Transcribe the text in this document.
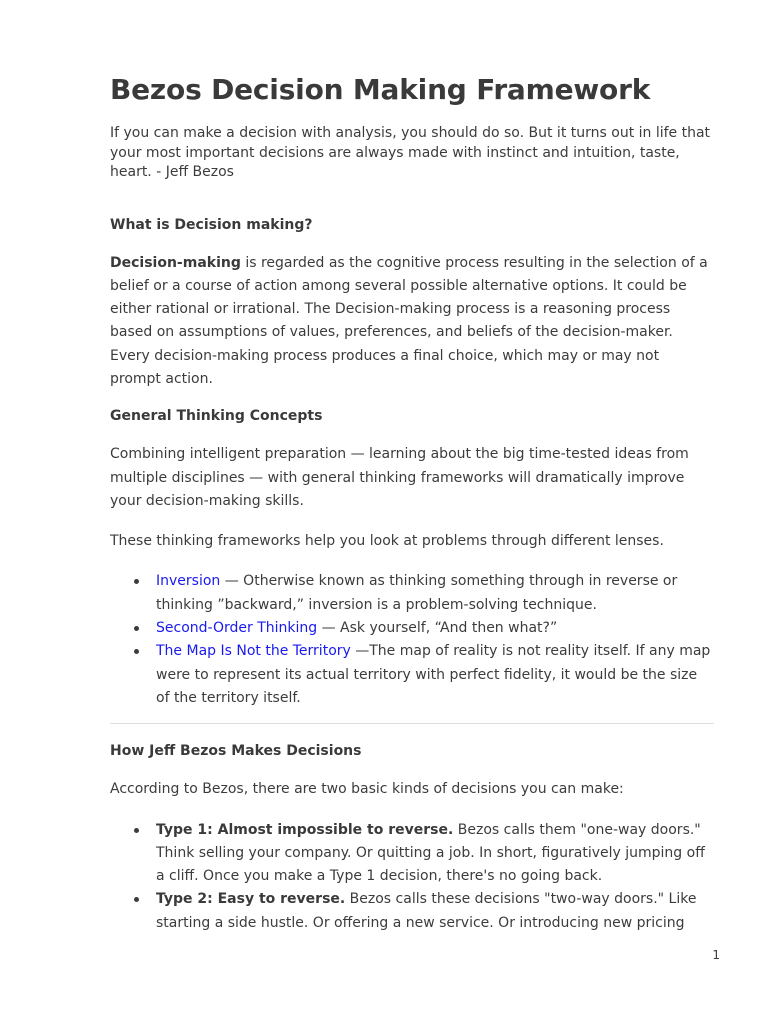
Bezos Decision Making Framework

If you can make a decision with analysis, you should do so. But it turns out in life that your most important decisions are always made with instinct and intuition, taste, heart. - Jeff Bezos

What is Decision making?

Decision-making is regarded as the cognitive process resulting in the selection of a belief or a course of action among several possible alternative options. It could be either rational or irrational. The Decision-making process is a reasoning process based on assumptions of values, preferences, and beliefs of the decision-maker. Every decision-making process produces a final choice, which may or may not prompt action.

General Thinking Concepts

Combining intelligent preparation — learning about the big time-tested ideas from multiple disciplines — with general thinking frameworks will dramatically improve your decision-making skills.

These thinking frameworks help you look at problems through different lenses.

Inversion — Otherwise known as thinking something through in reverse or thinking ”backward,” inversion is a problem-solving technique.
Second-Order Thinking — Ask yourself, “And then what?”
The Map Is Not the Territory —The map of reality is not reality itself. If any map were to represent its actual territory with perfect fidelity, it would be the size of the territory itself.
How Jeff Bezos Makes Decisions

According to Bezos, there are two basic kinds of decisions you can make:

Type 1: Almost impossible to reverse. Bezos calls them "one-way doors." Think selling your company. Or quitting a job. In short, figuratively jumping off a cliff. Once you make a Type 1 decision, there's no going back.
Type 2: Easy to reverse. Bezos calls these decisions "two-way doors." Like starting a side hustle. Or offering a new service. Or introducing new pricing
1
